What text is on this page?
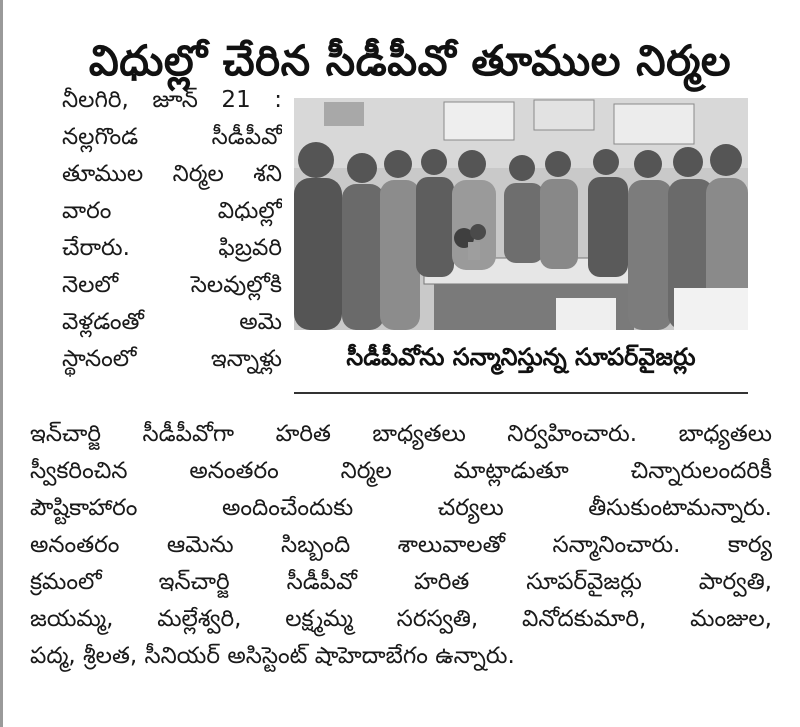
విధుల్లో చేరిన సీడీపీవో తూముల నిర్మల
నీలగిరి, జూన్ 21 :
నల్లగొండ సీడీపీవో
తూముల నిర్మల శని
వారం విధుల్లో
చేరారు. ఫిబ్రవరి
నెలలో సెలవుల్లోకి
వెళ్లడంతో అమె
స్థానంలో ఇన్నాళ్లు	సీడీపీవోను సన్మానిస్తున్న సూపర్‌వైజర్లు
ఇన్‌చార్జి సీడీపీవోగా హరిత బాధ్యతలు నిర్వహించారు. బాధ్యతలు
స్వీకరించిన అనంతరం నిర్మల మాట్లాడుతూ చిన్నారులందరికీ
పౌష్టికాహారం అందించేందుకు చర్యలు తీసుకుంటామన్నారు.
అనంతరం ఆమెను సిబ్బంది శాలువాలతో సన్మానించారు. కార్య
క్రమంలో ఇన్‌చార్జి సీడీపీవో హరిత సూపర్‌వైజర్లు పార్వతి,
జయమ్మ, మల్లేశ్వరి, లక్ష్మమ్మ సరస్వతి, వినోదకుమారి, మంజుల,
పద్మ, శ్రీలత, సీనియర్ అసిస్టెంట్ షాహెదాబేగం ఉన్నారు.
